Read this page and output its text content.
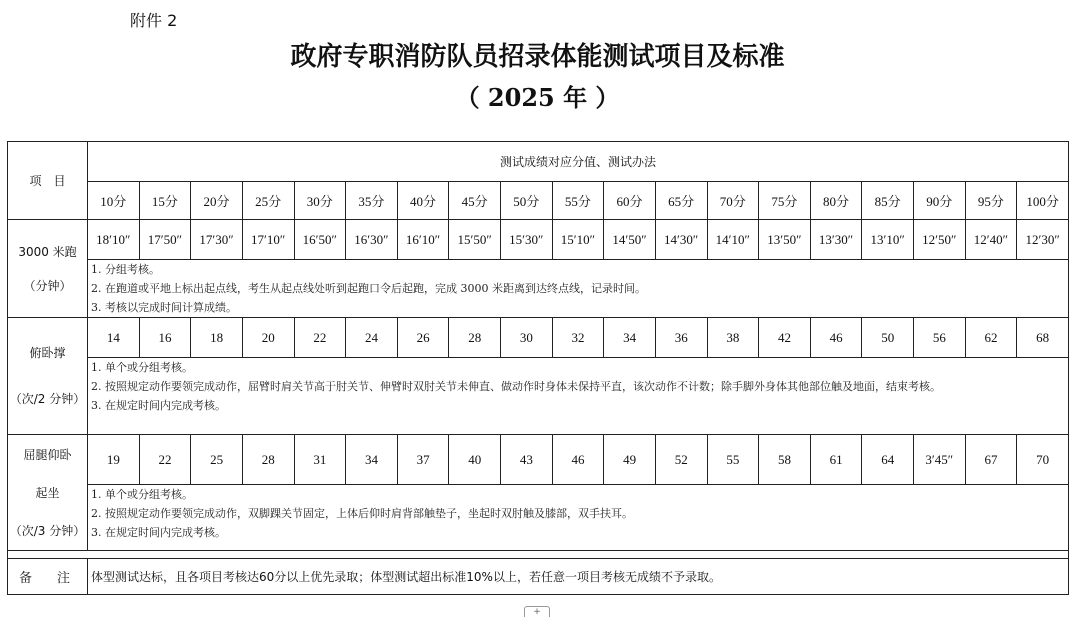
附件 2
政府专职消防队员招录体能测试项目及标准
（ 2025 年 ）
项　目	测试成绩对应分值、测试办法																		
	10分	15分	20分	25分	30分	35分	40分	45分	50分	55分	60分	65分	70分	75分	80分	85分	90分	95分	100分

3000 米跑
（分钟）	18′10″	17′50″	17′30″	17′10″	16′50″	16′30″	16′10″	15′50″	15′30″	15′10″	14′50″	14′30″	14′10″	13′50″	13′30″	13′10″	12′50″	12′40″	12′30″

	1. 分组考核。
2. 在跑道或平地上标出起点线，考生从起点线处听到起跑口令后起跑，完成 3000 米距离到达终点线，记录时间。
3. 考核以完成时间计算成绩。																		

俯卧撑
（次/2 分钟）	14	16	18	20	22	24	26	28	30	32	34	36	38	42	46	50	56	62	68

	1. 单个或分组考核。
2. 按照规定动作要领完成动作，屈臂时肩关节高于肘关节、伸臂时双肘关节未伸直、做动作时身体未保持平直，该次动作不计数；除手脚外身体其他部位触及地面，结束考核。
3. 在规定时间内完成考核。																		

屈腿仰卧
起坐
（次/3 分钟）	19	22	25	28	31	34	37	40	43	46	49	52	55	58	61	64	3′45″	67	70

	1. 单个或分组考核。
2. 按照规定动作要领完成动作，双脚踝关节固定，上体后仰时肩背部触垫子，坐起时双肘触及膝部，双手扶耳。
3. 在规定时间内完成考核。																		

备　注	体型测试达标，且各项目考核达60分以上优先录取；体型测试超出标准10%以上，若任意一项目考核无成绩不予录取。																		
+
